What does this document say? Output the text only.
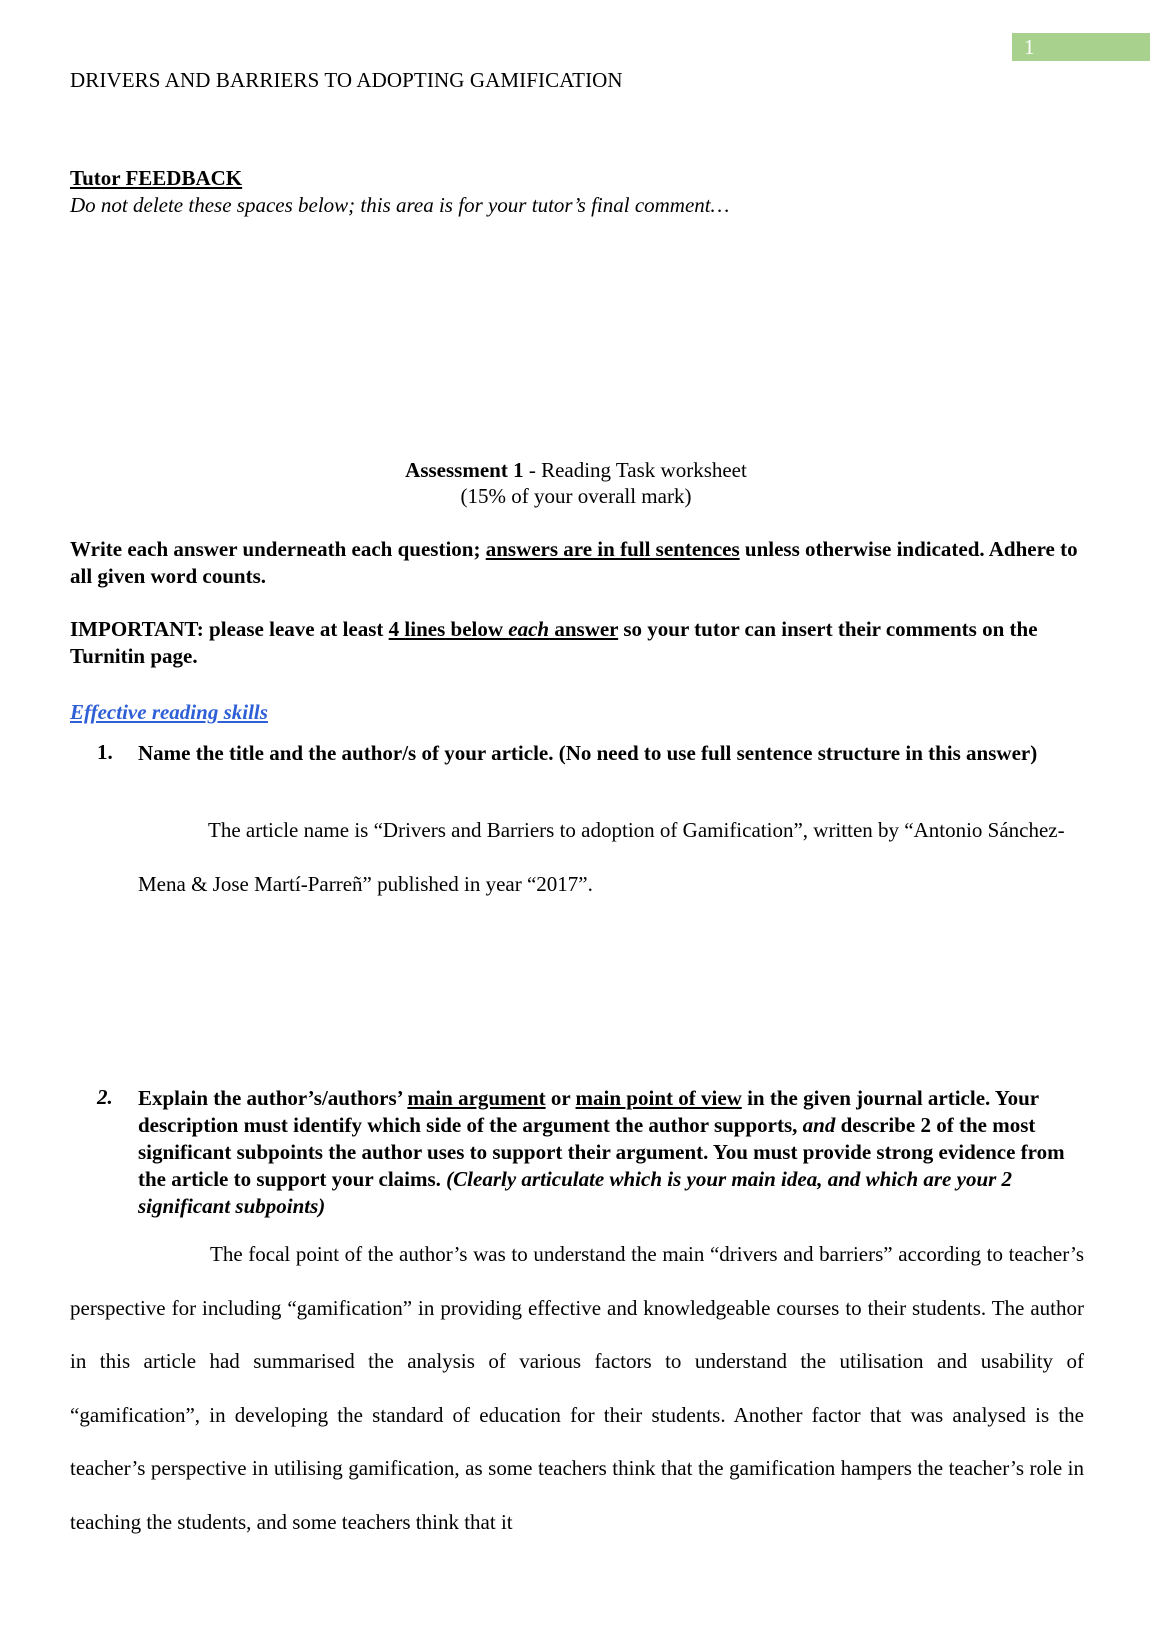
1
DRIVERS AND BARRIERS TO ADOPTING GAMIFICATION
Tutor FEEDBACK
Do not delete these spaces below; this area is for your tutor’s final comment…
Assessment 1 - Reading Task worksheet
(15% of your overall mark)
Write each answer underneath each question; answers are in full sentences unless otherwise indicated. Adhere to all given word counts.
IMPORTANT: please leave at least 4 lines below each answer so your tutor can insert their comments on the Turnitin page.
Effective reading skills
1. Name the title and the author/s of your article. (No need to use full sentence structure in this answer)
The article name is “Drivers and Barriers to adoption of Gamification”, written by “Antonio Sánchez-Mena & Jose Martí-Parreñ” published in year “2017”.
2. Explain the author’s/authors’ main argument or main point of view in the given journal article. Your description must identify which side of the argument the author supports, and describe 2 of the most significant subpoints the author uses to support their argument. You must provide strong evidence from the article to support your claims. (Clearly articulate which is your main idea, and which are your 2 significant subpoints)
The focal point of the author’s was to understand the main “drivers and barriers” according to teacher’s perspective for including “gamification” in providing effective and knowledgeable courses to their students. The author in this article had summarised the analysis of various factors to understand the utilisation and usability of “gamification”, in developing the standard of education for their students. Another factor that was analysed is the teacher’s perspective in utilising gamification, as some teachers think that the gamification hampers the teacher’s role in teaching the students, and some teachers think that it
